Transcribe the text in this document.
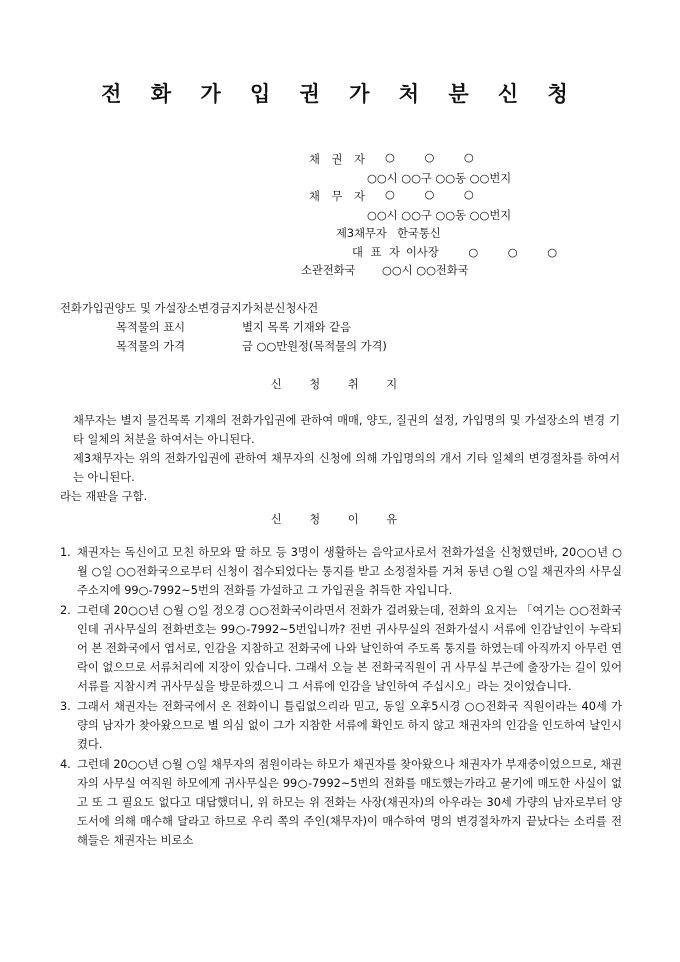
전 화 가 입 권 가 처 분 신 청
채 권 자 ○ ○ ○
○○시 ○○구 ○○동 ○○번지
채 무 자 ○ ○ ○
○○시 ○○구 ○○동 ○○번지
제3채무자 한국통신
대 표 자 이사장 ○ ○ ○
소관전화국 ○○시 ○○전화국
전화가입권양도 및 가설장소변경금지가처분신청사건
목적물의 표시	별지 목록 기재와 같음
목적물의 가격	금 ○○만원정(목적물의 가격)
신 청 취 지
채무자는 별지 물건목록 기재의 전화가입권에 관하여 매매, 양도, 질권의 설정, 가입명의 및 가설장소의 변경 기타 일체의 처분을 하여서는 아니된다.
제3채무자는 위의 전화가입권에 관하여 채무자의 신청에 의해 가입명의의 개서 기타 일체의 변경절차를 하여서는 아니된다.
라는 재판을 구함.
신 청 이 유
1. 채권자는 독신이고 모친 하모와 딸 하모 등 3명이 생활하는 음악교사로서 전화가설을 신청했던바, 20○○년 ○월 ○일 ○○전화국으로부터 신청이 접수되었다는 통지를 받고 소정절차를 거쳐 동년 ○월 ○일 채권자의 사무실 주소지에 99○-7992~5번의 전화를 가설하고 그 가입권을 취득한 자입니다.
2. 그런데 20○○년 ○월 ○일 정오경 ○○전화국이라면서 전화가 걸려왔는데, 전화의 요지는 「여기는 ○○전화국인데 귀사무실의 전화번호는 99○-7992~5번입니까? 전번 귀사무실의 전화가설시 서류에 인감날인이 누락되어 본 전화국에서 엽서로, 인감을 지참하고 전화국에 나와 날인하여 주도록 통지를 하였는데 아직까지 아무런 연락이 없으므로 서류처리에 지장이 있습니다. 그래서 오늘 본 전화국직원이 귀 사무실 부근에 출장가는 길이 있어 서류를 지참시켜 귀사무실을 방문하겠으니 그 서류에 인감을 날인하여 주십시오」라는 것이었습니다.
3. 그래서 채권자는 전화국에서 온 전화이니 틀림없으리라 믿고, 동일 오후5시경 ○○전화국 직원이라는 40세 가량의 남자가 찾아왔으므로 별 의심 없이 그가 지참한 서류에 확인도 하지 않고 채권자의 인감을 인도하여 날인시켰다.
4. 그런데 20○○년 ○월 ○일 채무자의 점원이라는 하모가 채권자를 찾아왔으나 채권자가 부재중이었으므로, 채권자의 사무실 여직원 하모에게 귀사무실은 99○-7992~5번의 전화를 매도했는가라고 묻기에 매도한 사실이 없고 또 그 필요도 없다고 대답했더니, 위 하모는 위 전화는 사장(채권자)의 아우라는 30세 가량의 남자로부터 양도서에 의해 매수해 달라고 하므로 우리 쪽의 주인(채무자)이 매수하여 명의 변경절차까지 끝났다는 소리를 전해들은 채권자는 비로소
